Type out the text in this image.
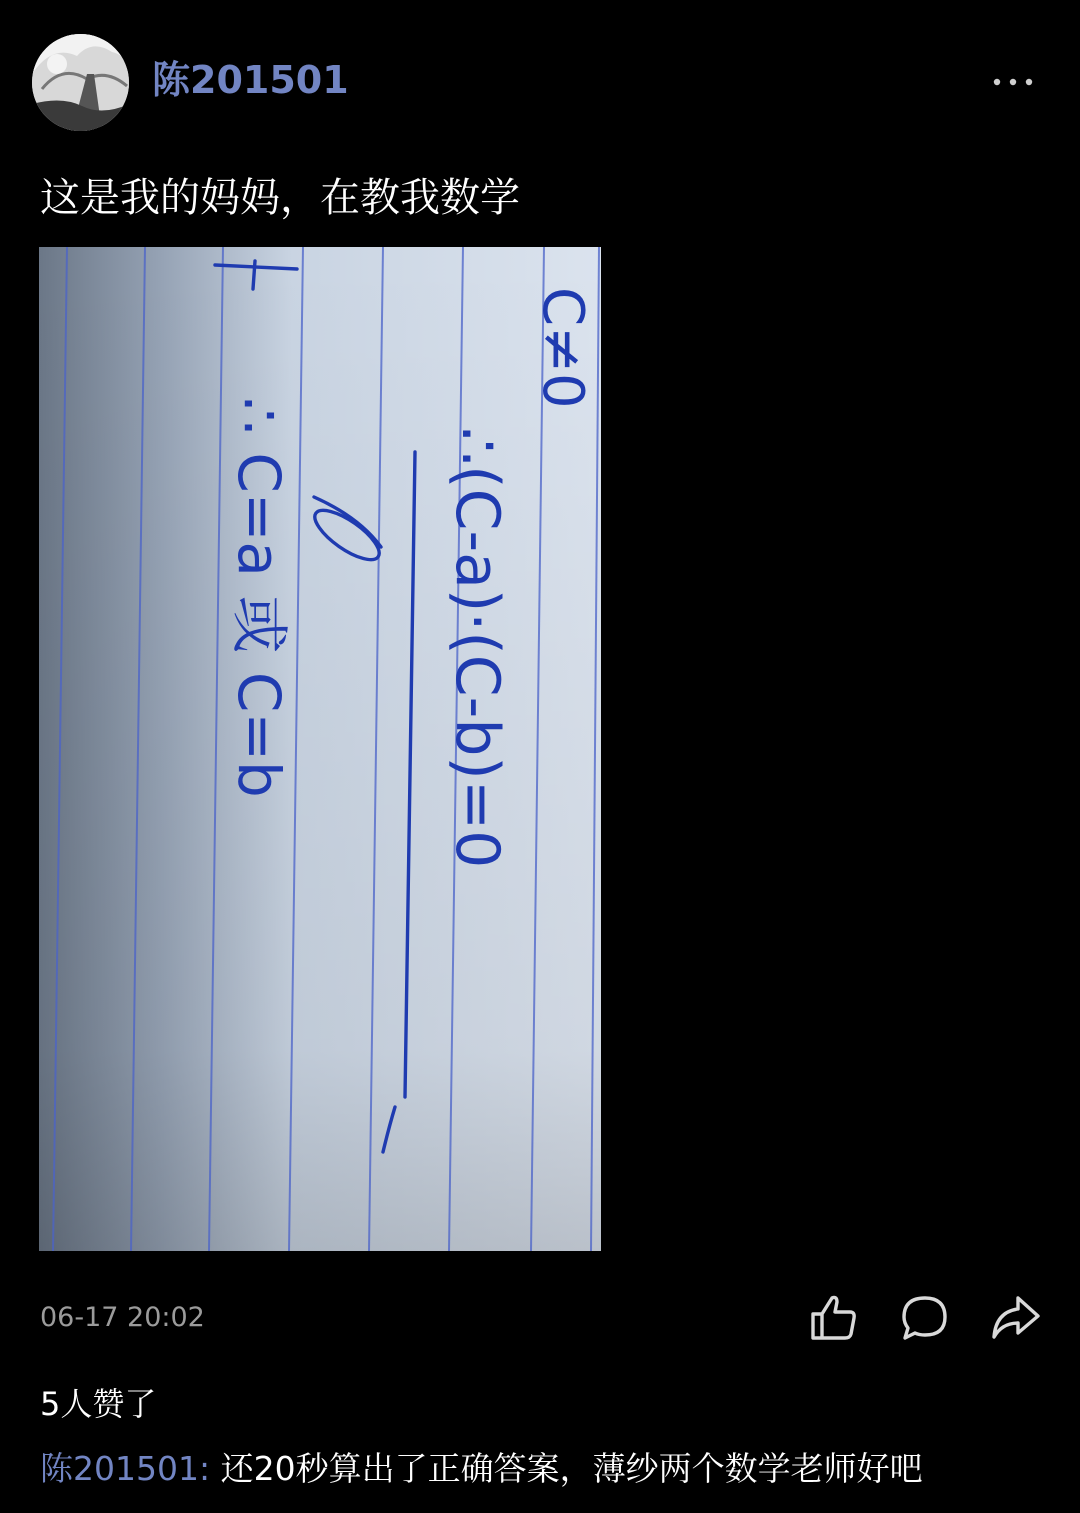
陈201501
这是我的妈妈，在教我数学
C≠0
∴(C-a)·(C-b)=0
∴ C=a 或 C=b
06-17 20:02
5人赞了
陈201501: 还20秒算出了正确答案，薄纱两个数学老师好吧
